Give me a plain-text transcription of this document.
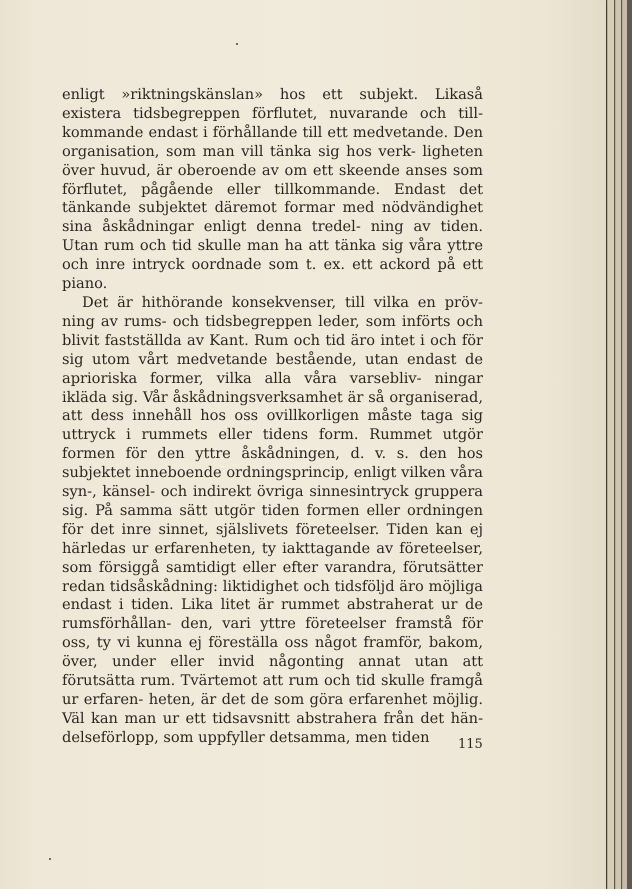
enligt »riktningskänslan» hos ett subjekt. Likaså existera tidsbegreppen förflutet, nuvarande och till- kommande endast i förhållande till ett medvetande. Den organisation, som man vill tänka sig hos verk- ligheten över huvud, är oberoende av om ett skeende anses som förflutet, pågående eller tillkommande. Endast det tänkande subjektet däremot formar med nödvändighet sina åskådningar enligt denna tredel- ning av tiden. Utan rum och tid skulle man ha att tänka sig våra yttre och inre intryck oordnade som t. ex. ett ackord på ett piano.

Det är hithörande konsekvenser, till vilka en pröv- ning av rums- och tidsbegreppen leder, som införts och blivit fastställda av Kant. Rum och tid äro intet i och för sig utom vårt medvetande bestående, utan endast de aprioriska former, vilka alla våra varsebliv- ningar ikläda sig. Vår åskådningsverksamhet är så organiserad, att dess innehåll hos oss ovillkorligen måste taga sig uttryck i rummets eller tidens form. Rummet utgör formen för den yttre åskådningen, d. v. s. den hos subjektet inneboende ordningsprincip, enligt vilken våra syn-, känsel- och indirekt övriga sinnesintryck gruppera sig. På samma sätt utgör tiden formen eller ordningen för det inre sinnet, själslivets företeelser. Tiden kan ej härledas ur erfarenheten, ty iakttagande av företeelser, som försiggå samtidigt eller efter varandra, förutsätter redan tidsåskådning: liktidighet och tidsföljd äro möjliga endast i tiden. Lika litet är rummet abstraherat ur de rumsförhållan- den, vari yttre företeelser framstå för oss, ty vi kunna ej föreställa oss något framför, bakom, över, under eller invid någonting annat utan att förutsätta rum. Tvärtemot att rum och tid skulle framgå ur erfaren- heten, är det de som göra erfarenhet möjlig. Väl kan man ur ett tidsavsnitt abstrahera från det hän- delseförlopp, som uppfyller detsamma, men tiden	115
